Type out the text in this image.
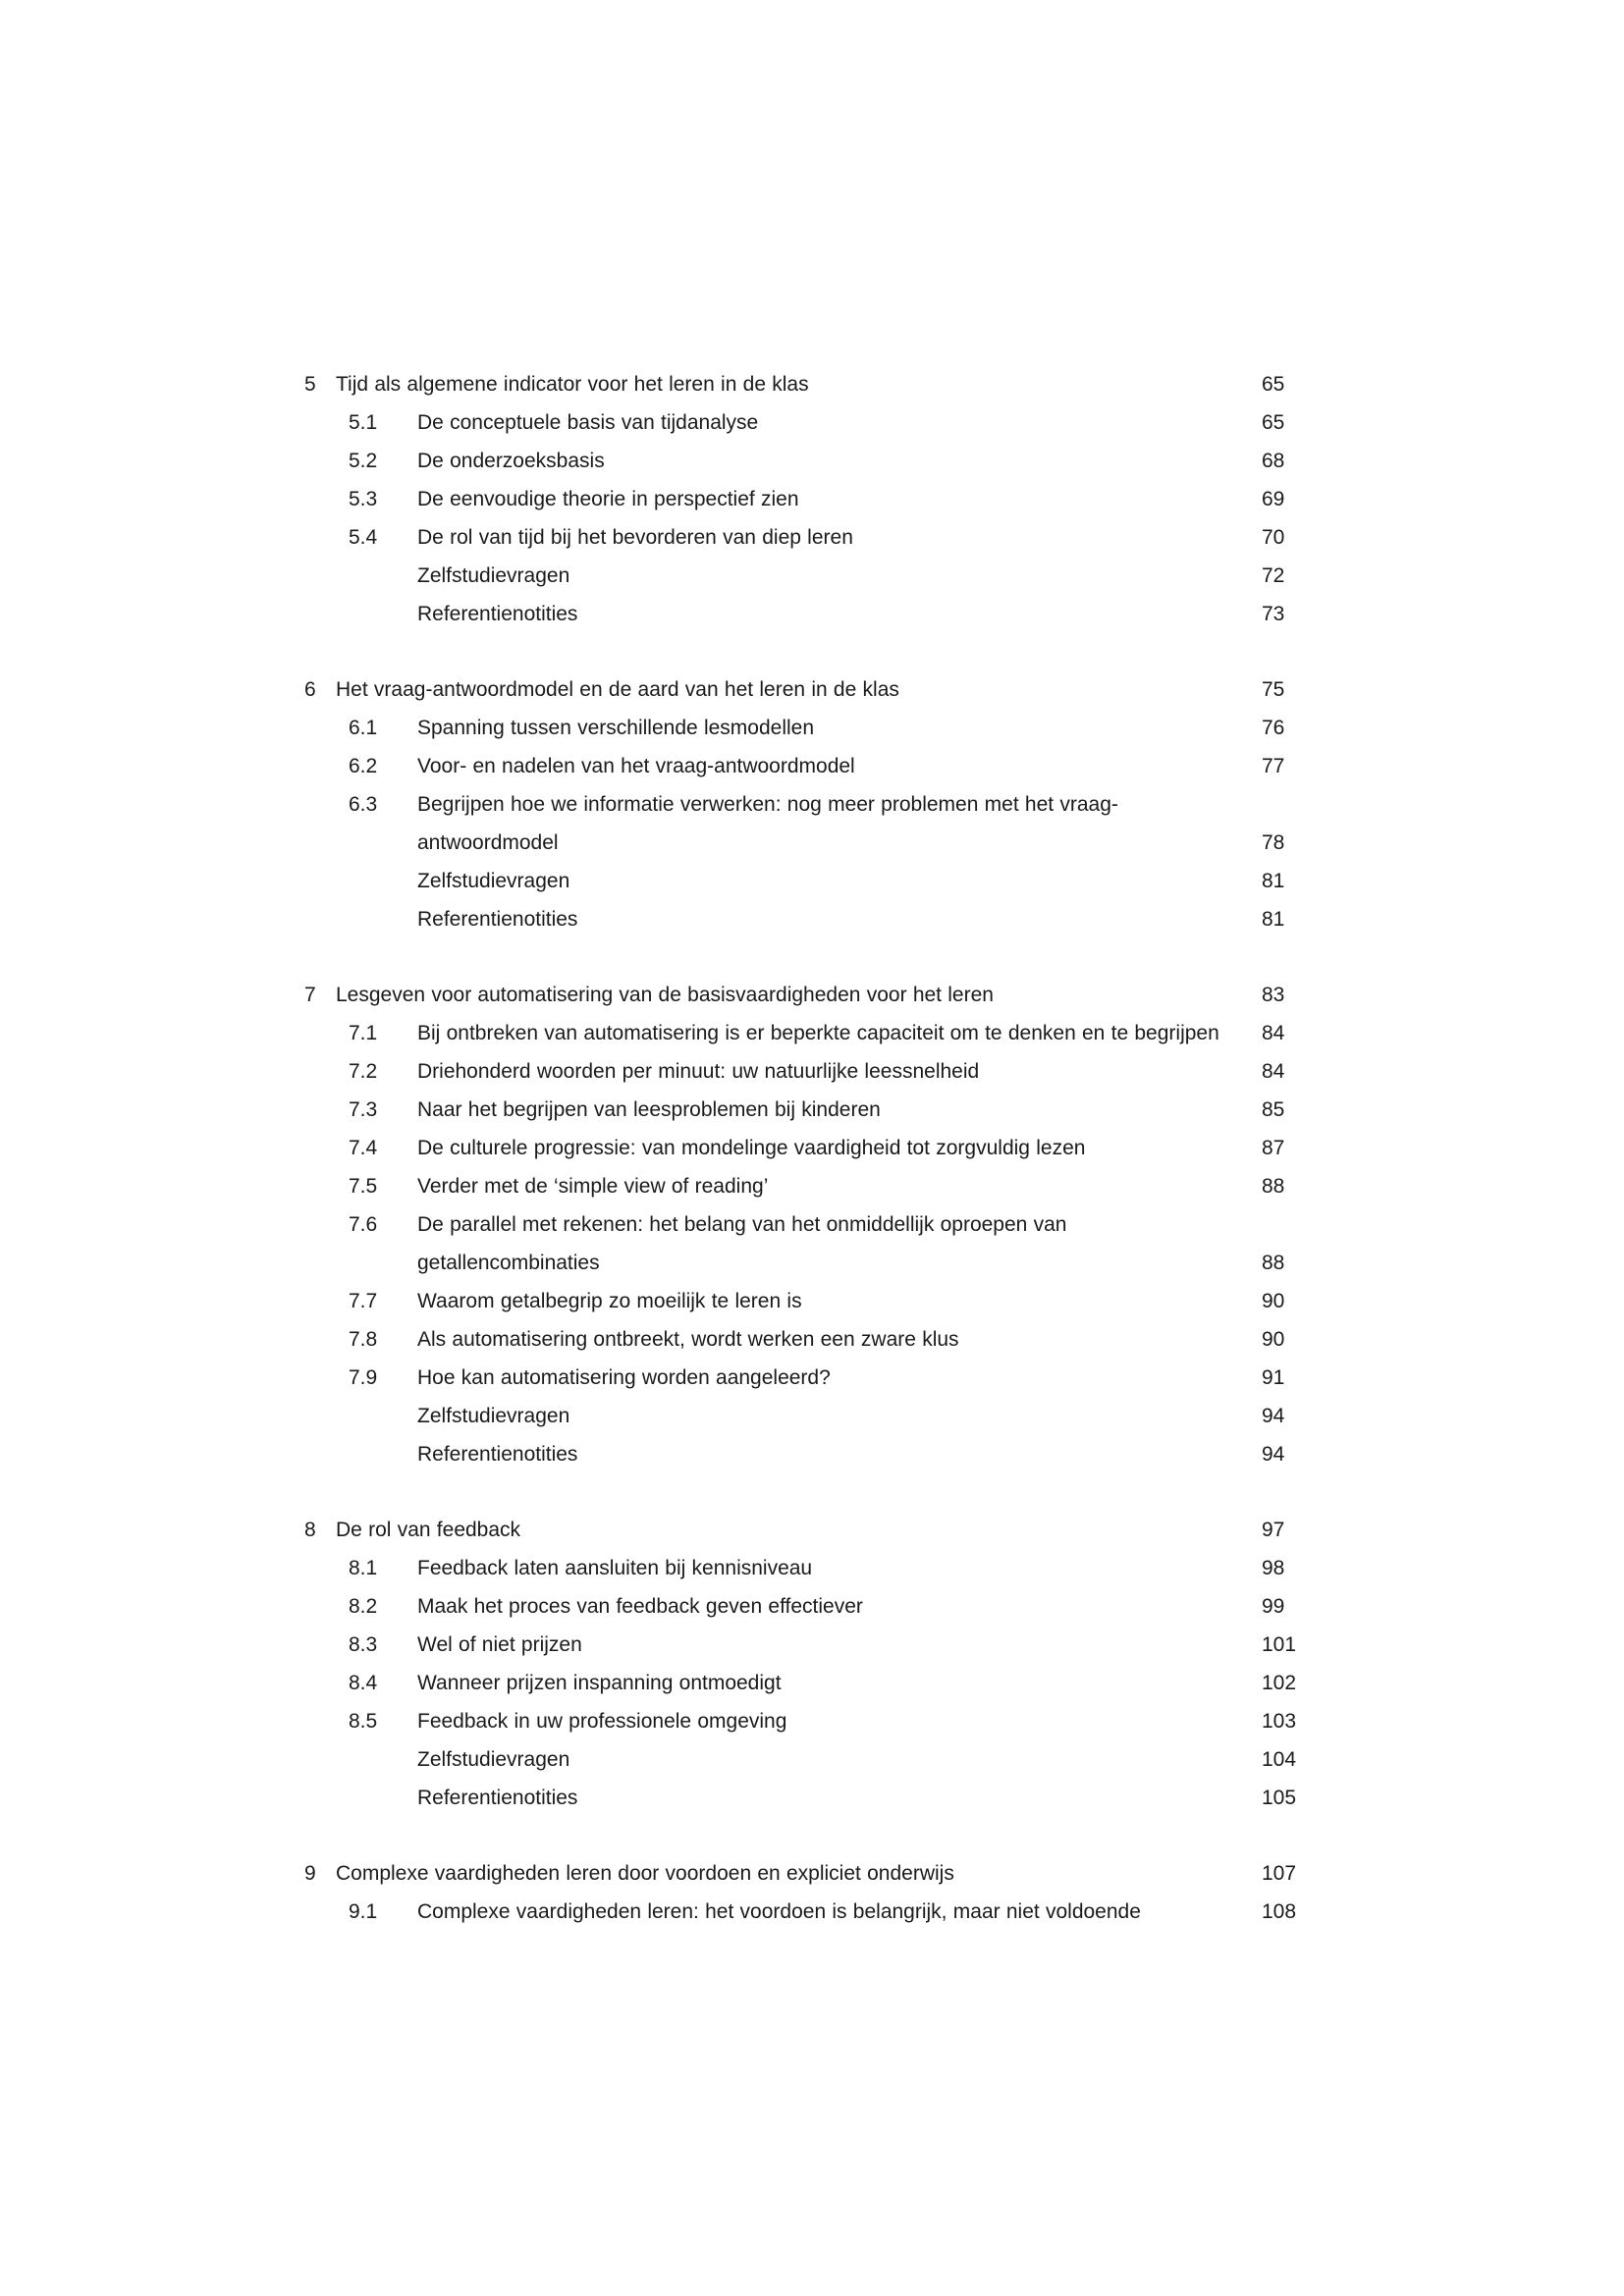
5 Tijd als algemene indicator voor het leren in de klas	65
5.1 De conceptuele basis van tijdanalyse	65
5.2 De onderzoeksbasis	68
5.3 De eenvoudige theorie in perspectief zien	69
5.4 De rol van tijd bij het bevorderen van diep leren	70
Zelfstudievragen	72
Referentienotities	73
6 Het vraag-antwoordmodel en de aard van het leren in de klas	75
6.1 Spanning tussen verschillende lesmodellen	76
6.2 Voor- en nadelen van het vraag-antwoordmodel	77
6.3 Begrijpen hoe we informatie verwerken: nog meer problemen met het vraag-antwoordmodel	78
Zelfstudievragen	81
Referentienotities	81
7 Lesgeven voor automatisering van de basisvaardigheden voor het leren	83
7.1 Bij ontbreken van automatisering is er beperkte capaciteit om te denken en te begrijpen	84
7.2 Driehonderd woorden per minuut: uw natuurlijke leessnelheid	84
7.3 Naar het begrijpen van leesproblemen bij kinderen	85
7.4 De culturele progressie: van mondelinge vaardigheid tot zorgvuldig lezen	87
7.5 Verder met de ‘simple view of reading’	88
7.6 De parallel met rekenen: het belang van het onmiddellijk oproepen van getallencombinaties	88
7.7 Waarom getalbegrip zo moeilijk te leren is	90
7.8 Als automatisering ontbreekt, wordt werken een zware klus	90
7.9 Hoe kan automatisering worden aangeleerd?	91
Zelfstudievragen	94
Referentienotities	94
8 De rol van feedback	97
8.1 Feedback laten aansluiten bij kennisniveau	98
8.2 Maak het proces van feedback geven effectiever	99
8.3 Wel of niet prijzen	101
8.4 Wanneer prijzen inspanning ontmoedigt	102
8.5 Feedback in uw professionele omgeving	103
Zelfstudievragen	104
Referentienotities	105
9 Complexe vaardigheden leren door voordoen en expliciet onderwijs	107
9.1 Complexe vaardigheden leren: het voordoen is belangrijk, maar niet voldoende	108
